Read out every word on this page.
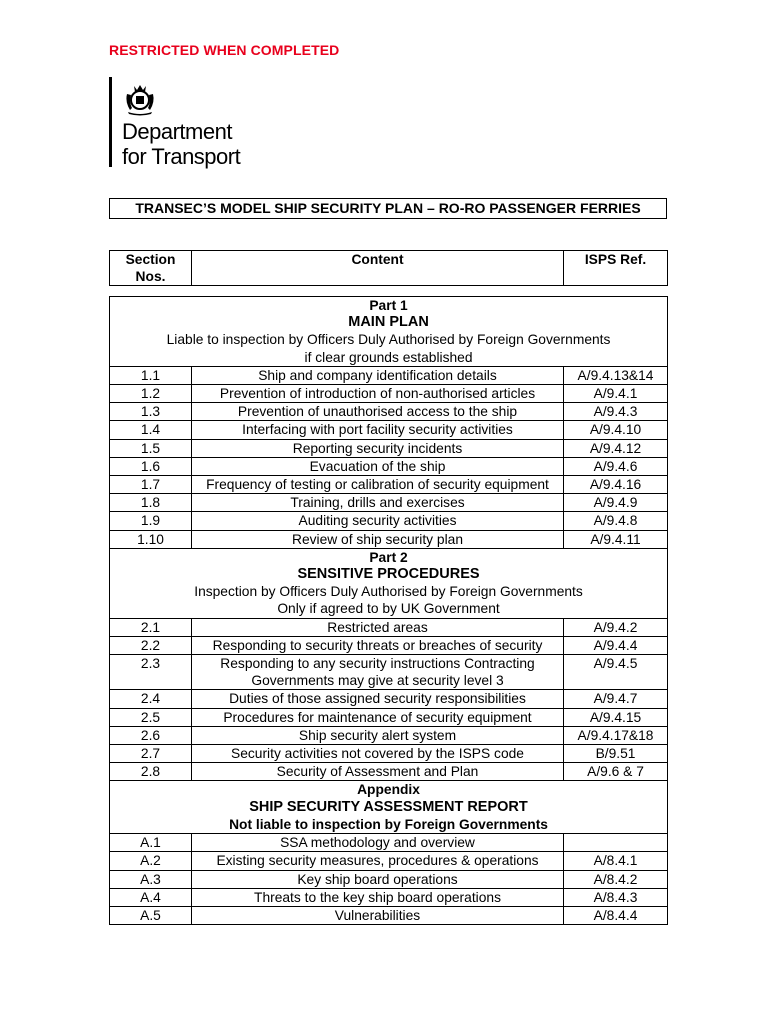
RESTRICTED WHEN COMPLETED
Department
for Transport
TRANSEC’S MODEL SHIP SECURITY PLAN – RO-RO PASSENGER FERRIES
Section Nos.	Content	ISPS Ref.
Part 1
MAIN PLAN
Liable to inspection by Officers Duly Authorised by Foreign Governments
if clear grounds established		

1.1	Ship and company identification details	A/9.4.13&14
1.2	Prevention of introduction of non-authorised articles	A/9.4.1
1.3	Prevention of unauthorised access to the ship	A/9.4.3
1.4	Interfacing with port facility security activities	A/9.4.10
1.5	Reporting security incidents	A/9.4.12
1.6	Evacuation of the ship	A/9.4.6
1.7	Frequency of testing or calibration of security equipment	A/9.4.16
1.8	Training, drills and exercises	A/9.4.9
1.9	Auditing security activities	A/9.4.8
1.10	Review of ship security plan	A/9.4.11

Part 2
SENSITIVE PROCEDURES
Inspection by Officers Duly Authorised by Foreign Governments
Only if agreed to by UK Government		

2.1	Restricted areas	A/9.4.2
2.2	Responding to security threats or breaches of security	A/9.4.4
2.3	Responding to any security instructions Contracting Governments may give at security level 3	A/9.4.5
2.4	Duties of those assigned security responsibilities	A/9.4.7
2.5	Procedures for maintenance of security equipment	A/9.4.15
2.6	Ship security alert system	A/9.4.17&18
2.7	Security activities not covered by the ISPS code	B/9.51
2.8	Security of Assessment and Plan	A/9.6 & 7

Appendix
SHIP SECURITY ASSESSMENT REPORT
Not liable to inspection by Foreign Governments		

A.1	SSA methodology and overview	
A.2	Existing security measures, procedures & operations	A/8.4.1
A.3	Key ship board operations	A/8.4.2
A.4	Threats to the key ship board operations	A/8.4.3
A.5	Vulnerabilities	A/8.4.4
